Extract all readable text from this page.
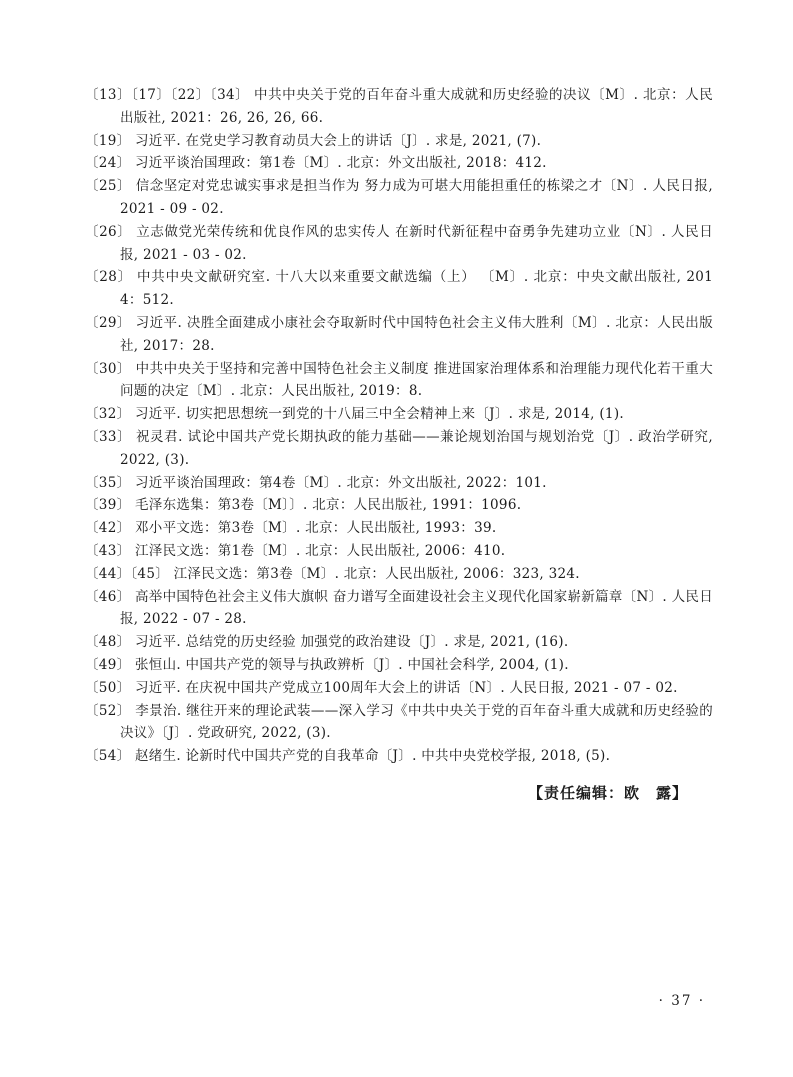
〔13〕〔17〕〔22〕〔34〕 中共中央关于党的百年奋斗重大成就和历史经验的决议〔M〕. 北京：人民出版社, 2021：26, 26, 26, 66.

〔19〕 习近平. 在党史学习教育动员大会上的讲话〔J〕. 求是, 2021, (7).

〔24〕 习近平谈治国理政：第1卷〔M〕. 北京：外文出版社, 2018：412.

〔25〕 信念坚定对党忠诚实事求是担当作为 努力成为可堪大用能担重任的栋梁之才〔N〕. 人民日报, 2021 - 09 - 02.

〔26〕 立志做党光荣传统和优良作风的忠实传人 在新时代新征程中奋勇争先建功立业〔N〕. 人民日报, 2021 - 03 - 02.

〔28〕 中共中央文献研究室. 十八大以来重要文献选编（上） 〔M〕. 北京：中央文献出版社, 2014：512.

〔29〕 习近平. 决胜全面建成小康社会夺取新时代中国特色社会主义伟大胜利〔M〕. 北京：人民出版社, 2017：28.

〔30〕 中共中央关于坚持和完善中国特色社会主义制度 推进国家治理体系和治理能力现代化若干重大问题的决定〔M〕. 北京：人民出版社, 2019：8.

〔32〕 习近平. 切实把思想统一到党的十八届三中全会精神上来〔J〕. 求是, 2014, (1).

〔33〕 祝灵君. 试论中国共产党长期执政的能力基础——兼论规划治国与规划治党〔J〕. 政治学研究, 2022, (3).

〔35〕 习近平谈治国理政：第4卷〔M〕. 北京：外文出版社, 2022：101.

〔39〕 毛泽东选集：第3卷〔M〕〕. 北京：人民出版社, 1991：1096.

〔42〕 邓小平文选：第3卷〔M〕. 北京：人民出版社, 1993：39.

〔43〕 江泽民文选：第1卷〔M〕. 北京：人民出版社, 2006：410.

〔44〕〔45〕 江泽民文选：第3卷〔M〕. 北京：人民出版社, 2006：323, 324.

〔46〕 高举中国特色社会主义伟大旗帜 奋力谱写全面建设社会主义现代化国家崭新篇章〔N〕. 人民日报, 2022 - 07 - 28.

〔48〕 习近平. 总结党的历史经验 加强党的政治建设〔J〕. 求是, 2021, (16).

〔49〕 张恒山. 中国共产党的领导与执政辨析〔J〕. 中国社会科学, 2004, (1).

〔50〕 习近平. 在庆祝中国共产党成立100周年大会上的讲话〔N〕. 人民日报, 2021 - 07 - 02.

〔52〕 李景治. 继往开来的理论武装——深入学习《中共中央关于党的百年奋斗重大成就和历史经验的决议》〔J〕. 党政研究, 2022, (3).

〔54〕 赵绪生. 论新时代中国共产党的自我革命〔J〕. 中共中央党校学报, 2018, (5).

【责任编辑：欧　露】

· 37 ·
